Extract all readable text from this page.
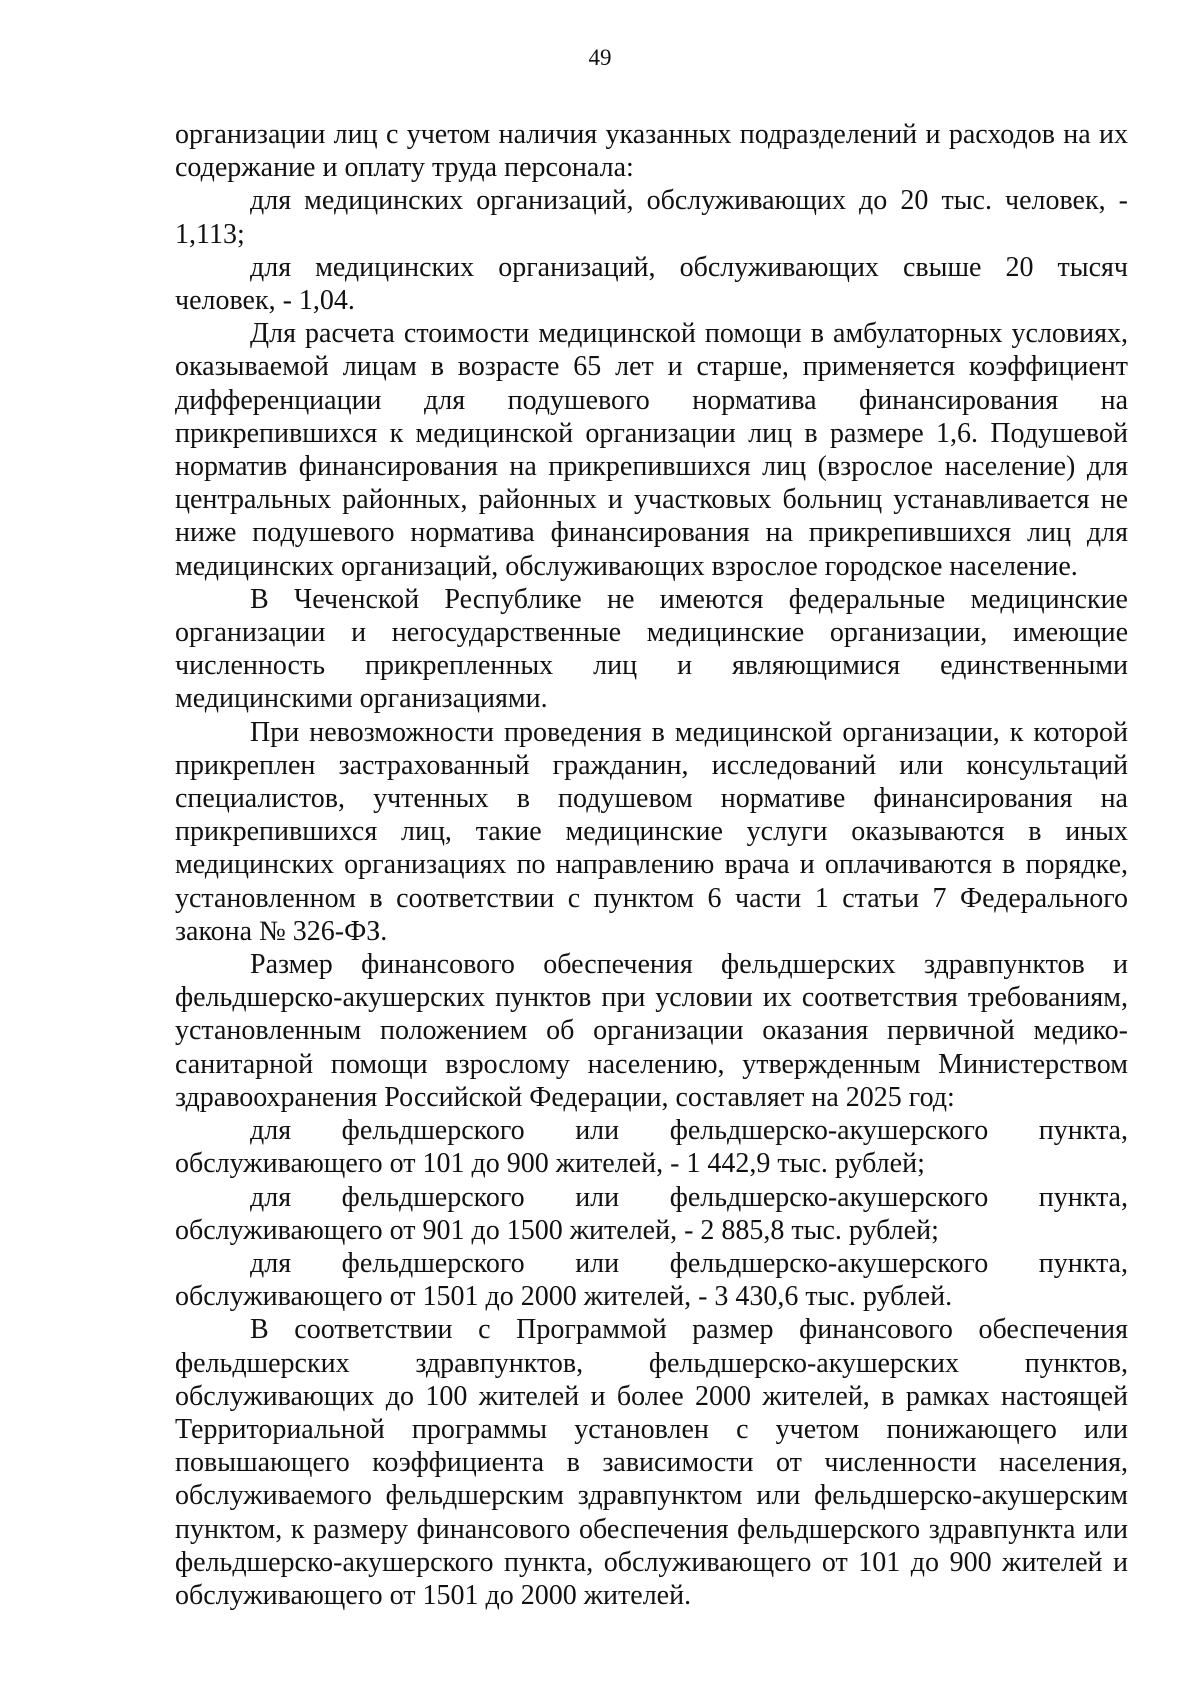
49

организации лиц с учетом наличия указанных подразделений и расходов на их содержание и оплату труда персонала:

для медицинских организаций, обслуживающих до 20 тыс. человек, - 1,113;

для медицинских организаций, обслуживающих свыше 20 тысяч человек, - 1,04.

Для расчета стоимости медицинской помощи в амбулаторных условиях, оказываемой лицам в возрасте 65 лет и старше, применяется коэффициент дифференциации для подушевого норматива финансирования на прикрепившихся к медицинской организации лиц в размере 1,6. Подушевой норматив финансирования на прикрепившихся лиц (взрослое население) для центральных районных, районных и участковых больниц устанавливается не ниже подушевого норматива финансирования на прикрепившихся лиц для медицинских организаций, обслуживающих взрослое городское население.

В Чеченской Республике не имеются федеральные медицинские организации и негосударственные медицинские организации, имеющие численность прикрепленных лиц и являющимися единственными медицинскими организациями.

При невозможности проведения в медицинской организации, к которой прикреплен застрахованный гражданин, исследований или консультаций специалистов, учтенных в подушевом нормативе финансирования на прикрепившихся лиц, такие медицинские услуги оказываются в иных медицинских организациях по направлению врача и оплачиваются в порядке, установленном в соответствии с пунктом 6 части 1 статьи 7 Федерального закона № 326-ФЗ.

Размер финансового обеспечения фельдшерских здравпунктов и фельдшерско-акушерских пунктов при условии их соответствия требованиям, установленным положением об организации оказания первичной медико-санитарной помощи взрослому населению, утвержденным Министерством здравоохранения Российской Федерации, составляет на 2025 год:

для фельдшерского или фельдшерско-акушерского пункта, обслуживающего от 101 до 900 жителей, - 1 442,9 тыс. рублей;

для фельдшерского или фельдшерско-акушерского пункта, обслуживающего от 901 до 1500 жителей, - 2 885,8 тыс. рублей;

для фельдшерского или фельдшерско-акушерского пункта, обслуживающего от 1501 до 2000 жителей, - 3 430,6 тыс. рублей.

В соответствии с Программой размер финансового обеспечения фельдшерских здравпунктов, фельдшерско-акушерских пунктов, обслуживающих до 100 жителей и более 2000 жителей, в рамках настоящей Территориальной программы установлен с учетом понижающего или повышающего коэффициента в зависимости от численности населения, обслуживаемого фельдшерским здравпунктом или фельдшерско-акушерским пунктом, к размеру финансового обеспечения фельдшерского здравпункта или фельдшерско-акушерского пункта, обслуживающего от 101 до 900 жителей и обслуживающего от 1501 до 2000 жителей.
